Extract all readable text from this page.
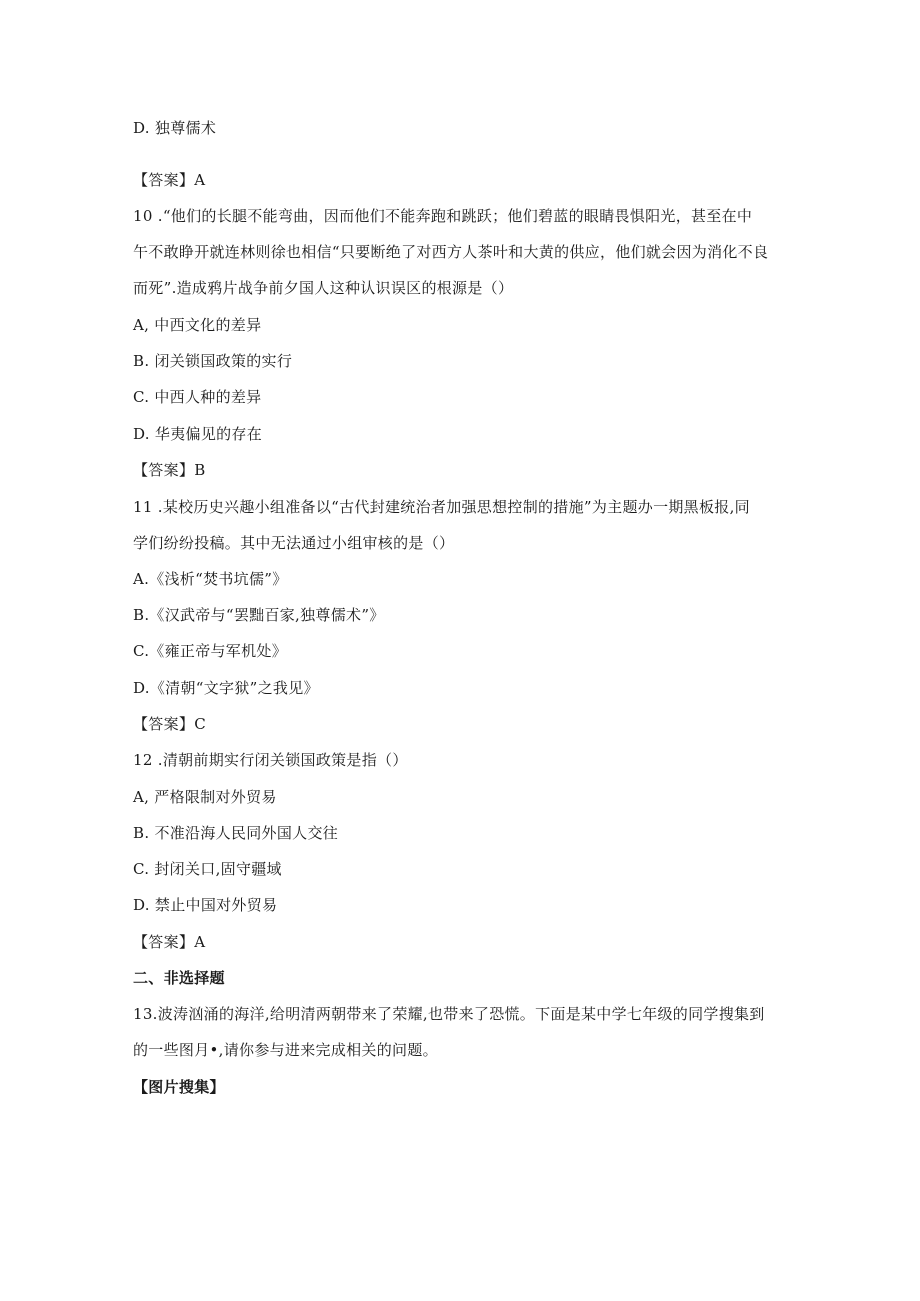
D. 独尊儒术
【答案】A
10 .“他们的长腿不能弯曲，因而他们不能奔跑和跳跃；他们碧蓝的眼睛畏惧阳光，甚至在中
午不敢睁开就连林则徐也相信“只要断绝了对西方人茶叶和大黄的供应，他们就会因为消化不良
而死”.造成鸦片战争前夕国人这种认识误区的根源是（）
A, 中西文化的差异
B. 闭关锁国政策的实行
C. 中西人种的差异
D. 华夷偏见的存在
【答案】B
11 .某校历史兴趣小组准备以“古代封建统治者加强思想控制的措施”为主题办一期黑板报,同
学们纷纷投稿。其中无法通过小组审核的是（）
A.《浅析“焚书坑儒”》
B.《汉武帝与“罢黜百家,独尊儒术”》
C.《雍正帝与军机处》
D.《清朝“文字狱”之我见》
【答案】C
12 .清朝前期实行闭关锁国政策是指（）
A, 严格限制对外贸易
B. 不准沿海人民同外国人交往
C. 封闭关口,固守疆域
D. 禁止中国对外贸易
【答案】A
二、非选择题
13.波涛汹涌的海洋,给明清两朝带来了荣耀,也带来了恐慌。下面是某中学七年级的同学搜集到
的一些图月•,请你参与进来完成相关的问题。
【图片搜集】
